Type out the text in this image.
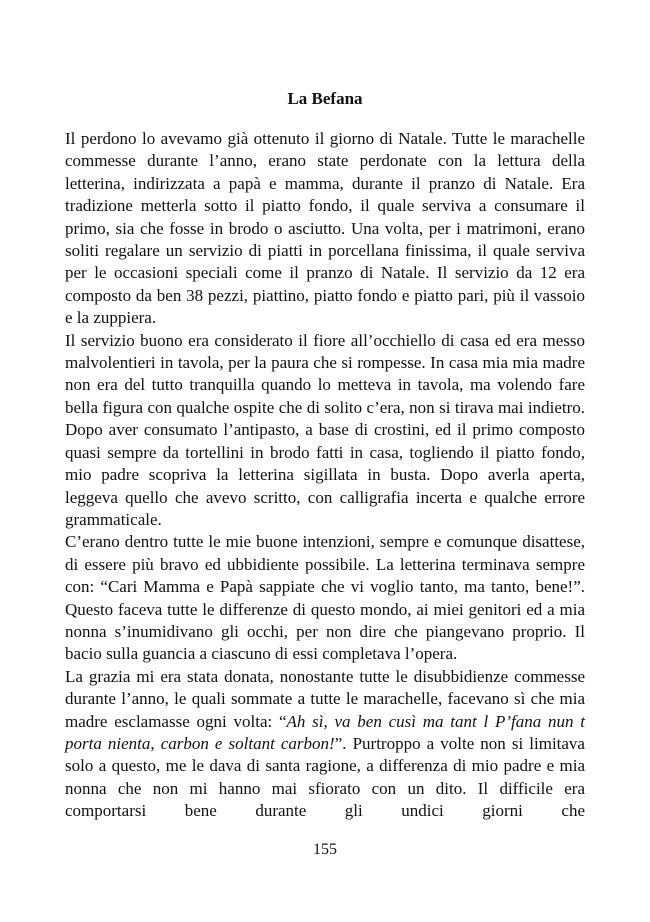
La Befana

Il perdono lo avevamo già ottenuto il giorno di Natale. Tutte le marachelle commesse durante l’anno, erano state perdonate con la lettura della letterina, indirizzata a papà e mamma, durante il pranzo di Natale. Era tradizione metterla sotto il piatto fondo, il quale serviva a consumare il primo, sia che fosse in brodo o asciutto. Una volta, per i matrimoni, erano soliti regalare un servizio di piatti in porcellana finissima, il quale serviva per le occasioni speciali come il pranzo di Natale. Il servizio da 12 era composto da ben 38 pezzi, piattino, piatto fondo e piatto pari, più il vassoio e la zuppiera.

Il servizio buono era considerato il fiore all’occhiello di casa ed era messo malvolentieri in tavola, per la paura che si rompesse. In casa mia mia madre non era del tutto tranquilla quando lo metteva in tavola, ma volendo fare bella figura con qualche ospite che di solito c’era, non si tirava mai indietro. Dopo aver consumato l’antipasto, a base di crostini, ed il primo composto quasi sempre da tortellini in brodo fatti in casa, togliendo il piatto fondo, mio padre scopriva la letterina sigillata in busta. Dopo averla aperta, leggeva quello che avevo scritto, con calligrafia incerta e qualche errore grammaticale.

C’erano dentro tutte le mie buone intenzioni, sempre e comunque disattese, di essere più bravo ed ubbidiente possibile. La letterina terminava sempre con: “Cari Mamma e Papà sappiate che vi voglio tanto, ma tanto, bene!”. Questo faceva tutte le differenze di questo mondo, ai miei genitori ed a mia nonna s’inumidivano gli occhi, per non dire che piangevano proprio. Il bacio sulla guancia a ciascuno di essi completava l’opera.

La grazia mi era stata donata, nonostante tutte le disubbidienze commesse durante l’anno, le quali sommate a tutte le marachelle, facevano sì che mia madre esclamasse ogni volta: “Ah sì, va ben cusì ma tant l P’fana nun t porta nienta, carbon e soltant carbon!”. Purtroppo a volte non si limitava solo a questo, me le dava di santa ragione, a differenza di mio padre e mia nonna che non mi hanno mai sfiorato con un dito. Il difficile era comportarsi bene durante gli undici giorni che

155
